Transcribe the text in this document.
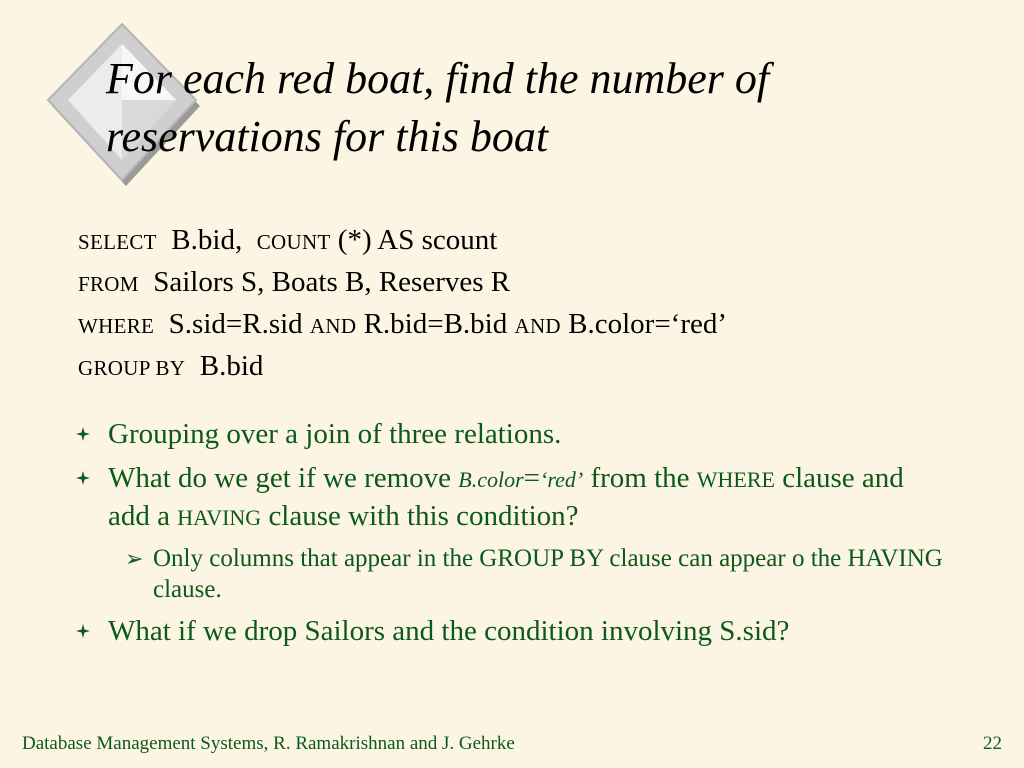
For each red boat, find the number of
reservations for this boat
SELECT B.bid, COUNT (*) AS scount
FROM Sailors S, Boats B, Reserves R
WHERE S.sid=R.sid AND R.bid=B.bid AND B.color=‘red’
GROUP BY B.bid
Grouping over a join of three relations.
What do we get if we remove B.color=‘red’ from the WHERE clause and add a HAVING clause with this condition?
➢ Only columns that appear in the GROUP BY clause can appear o the HAVING clause.
What if we drop Sailors and the condition involving S.sid?
Database Management Systems, R. Ramakrishnan and J. Gehrke	22
